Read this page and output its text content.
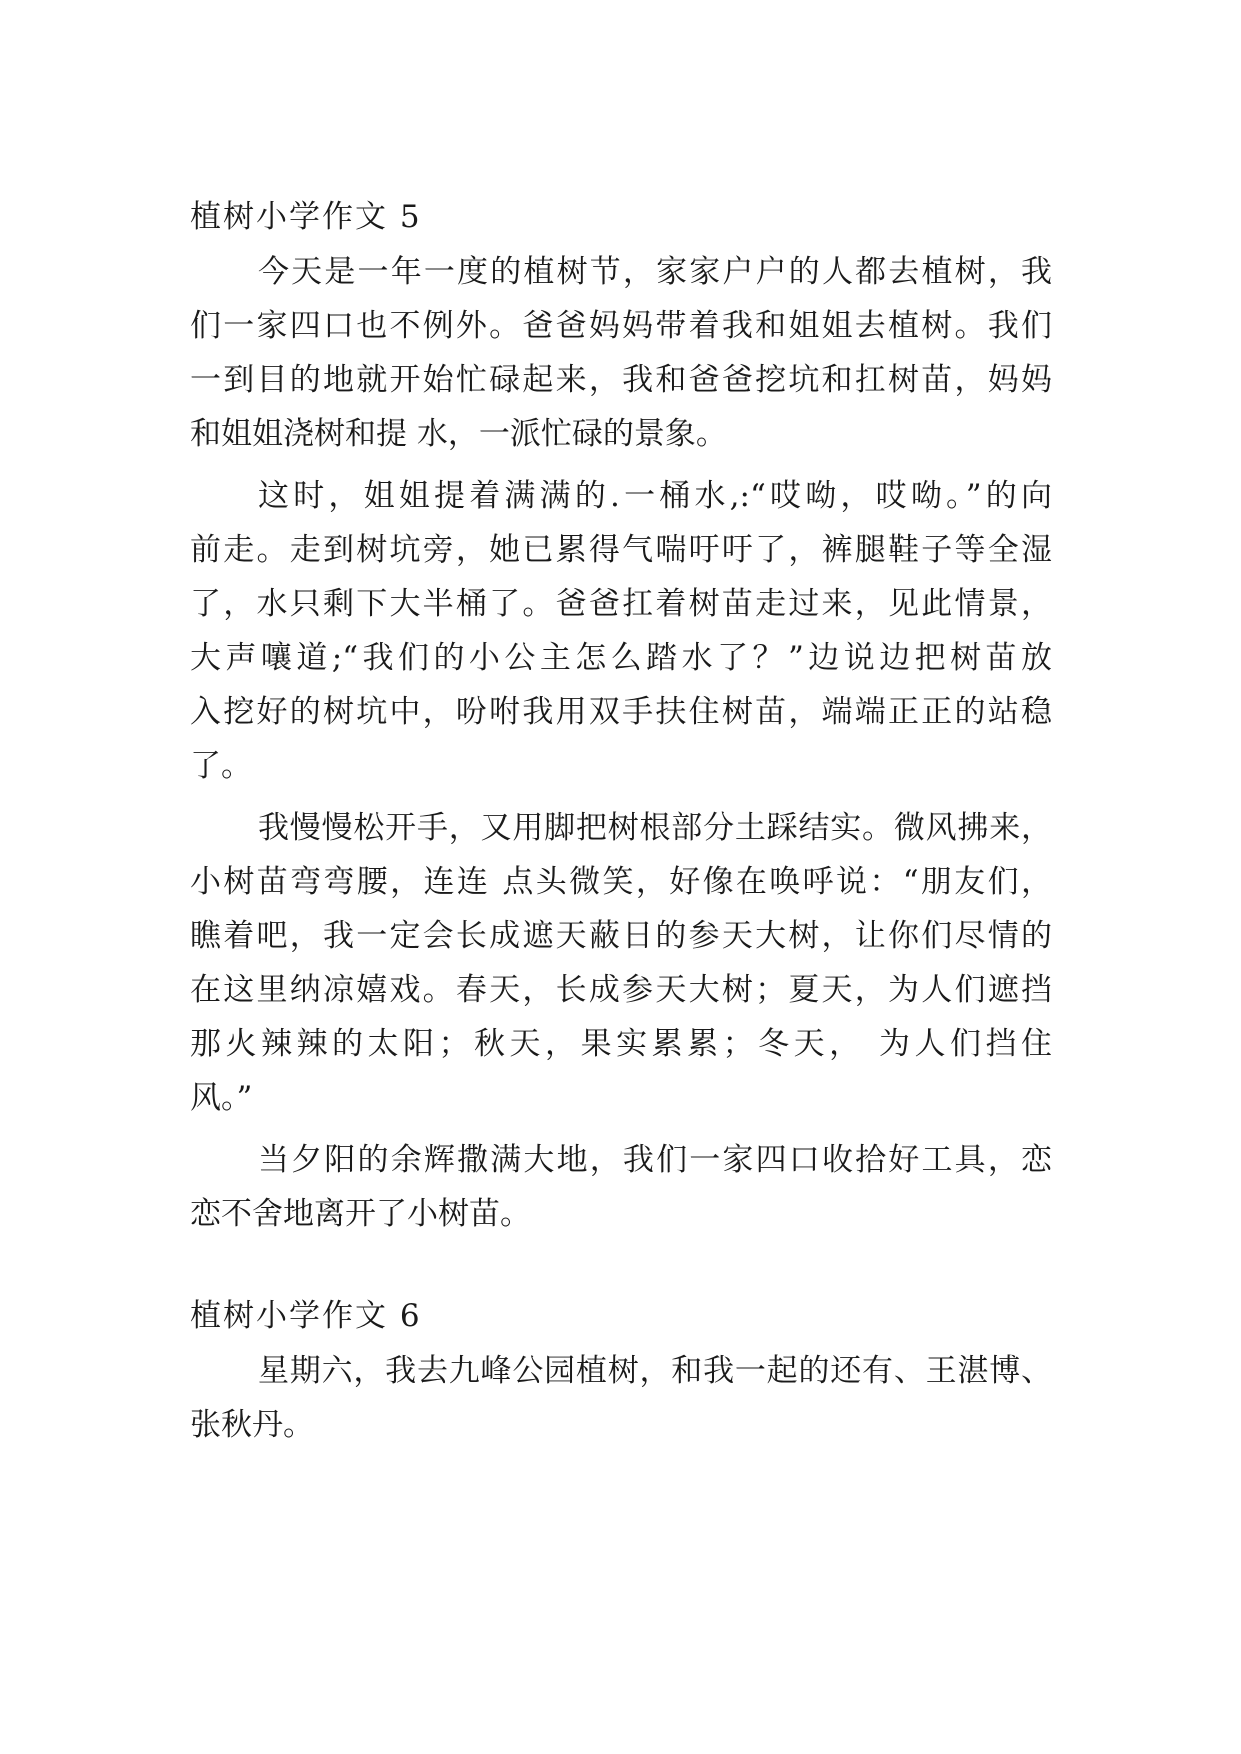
植树小学作文 5

今天是一年一度的植树节，家家户户的人都去植树，我

们一家四口也不例外。爸爸妈妈带着我和姐姐去植树。我们

一到目的地就开始忙碌起来，我和爸爸挖坑和扛树苗，妈妈

和姐姐浇树和提 水，一派忙碌的景象。

这时，姐姐提着满满的.一桶水,:“哎呦，哎呦。”的向

前走。走到树坑旁，她已累得气喘吁吁了，裤腿鞋子等全湿

了，水只剩下大半桶了。爸爸扛着树苗走过来，见此情景，

大声嚷道;“我们的小公主怎么踏水了？”边说边把树苗放

入挖好的树坑中，吩咐我用双手扶住树苗，端端正正的站稳

了。

我慢慢松开手，又用脚把树根部分土踩结实。微风拂来，

小树苗弯弯腰，连连 点头微笑，好像在唤呼说：“朋友们，

瞧着吧，我一定会长成遮天蔽日的参天大树，让你们尽情的

在这里纳凉嬉戏。春天，长成参天大树；夏天，为人们遮挡

那火辣辣的太阳；秋天，果实累累；冬天， 为人们挡住

风。”

当夕阳的余辉撒满大地，我们一家四口收拾好工具，恋

恋不舍地离开了小树苗。

植树小学作文 6

星期六，我去九峰公园植树，和我一起的还有、王湛博、

张秋丹。
